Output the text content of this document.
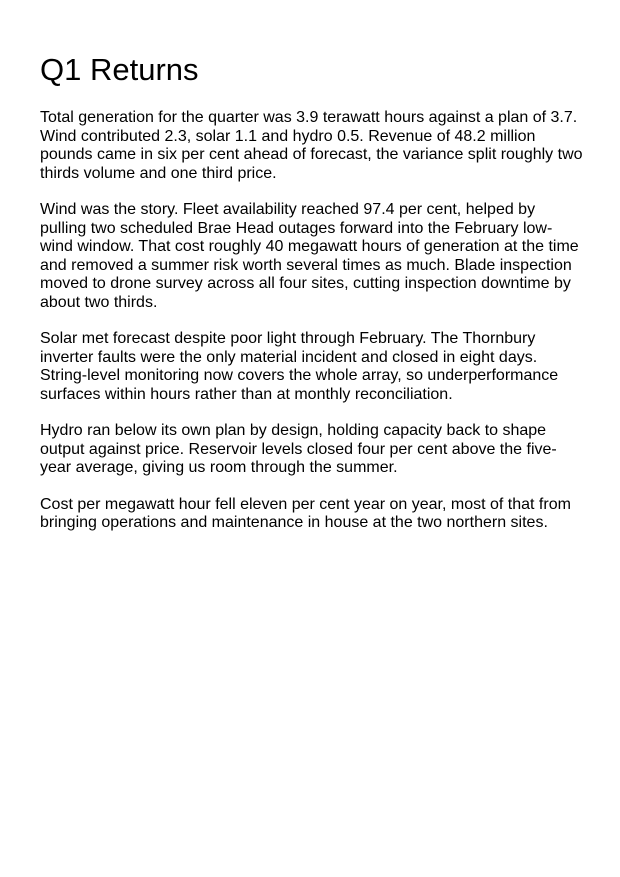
Q1 Returns

Total generation for the quarter was 3.9 terawatt hours against a plan of 3.7. Wind contributed 2.3, solar 1.1 and hydro 0.5. Revenue of 48.2 million pounds came in six per cent ahead of forecast, the variance split roughly two thirds volume and one third price.

Wind was the story. Fleet availability reached 97.4 per cent, helped by pulling two scheduled Brae Head outages forward into the February low-wind window. That cost roughly 40 megawatt hours of generation at the time and removed a summer risk worth several times as much. Blade inspection moved to drone survey across all four sites, cutting inspection downtime by about two thirds.

Solar met forecast despite poor light through February. The Thornbury inverter faults were the only material incident and closed in eight days. String-level monitoring now covers the whole array, so underperformance surfaces within hours rather than at monthly reconciliation.

Hydro ran below its own plan by design, holding capacity back to shape output against price. Reservoir levels closed four per cent above the five-year average, giving us room through the summer.

Cost per megawatt hour fell eleven per cent year on year, most of that from bringing operations and maintenance in house at the two northern sites.
